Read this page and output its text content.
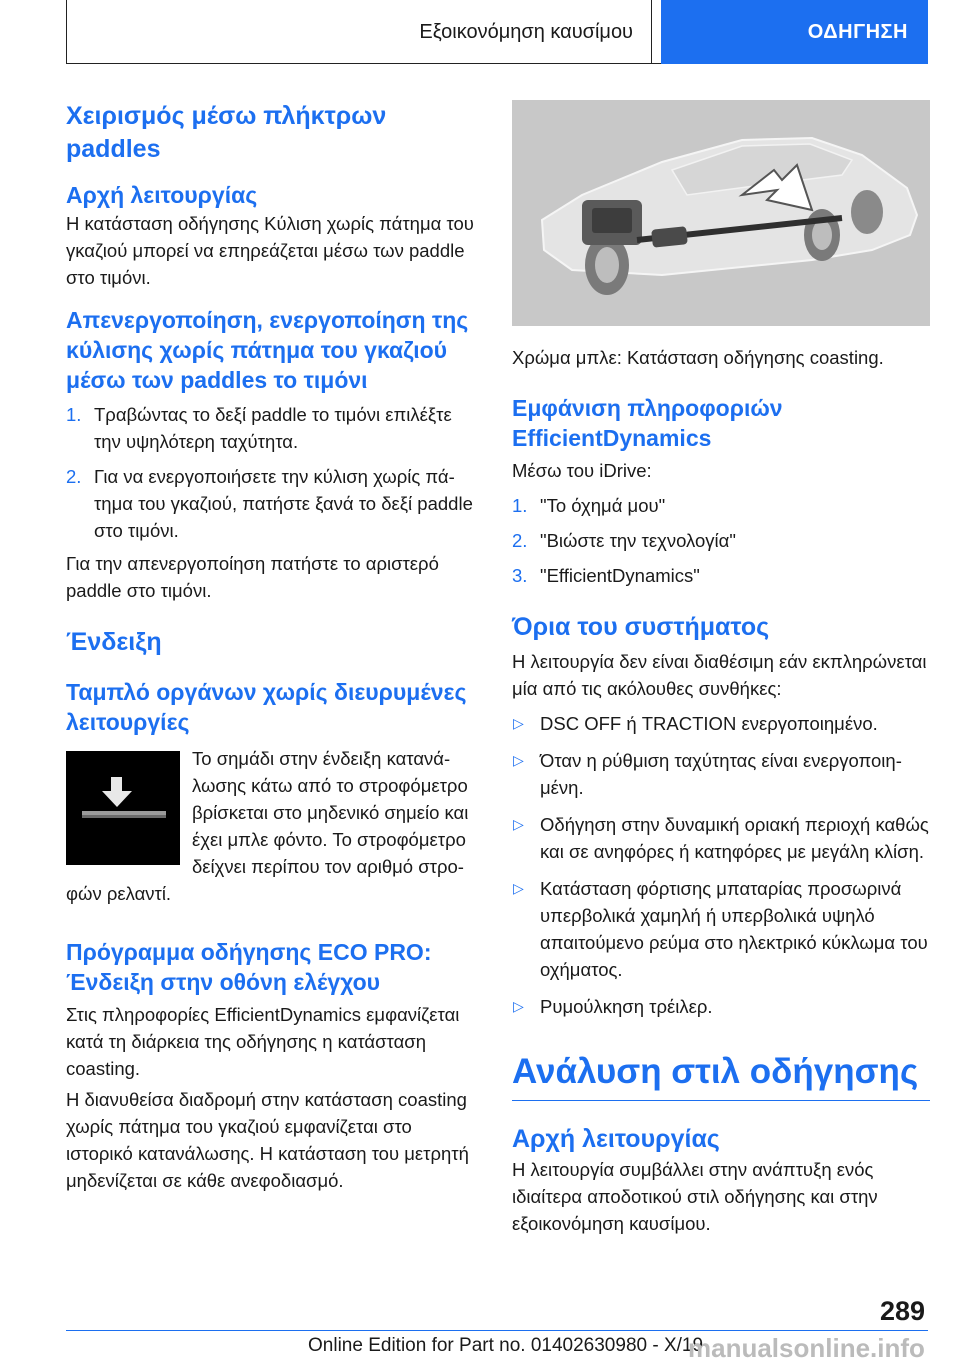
Εξοικονόμηση καυσίμου	ΟΔΗΓΗΣΗ
Χειρισμός μέσω πλήκτρων paddles
Αρχή λειτουργίας

Η κατάσταση οδήγησης Κύλιση χωρίς πάτημα του γκαζιού μπορεί να επηρεάζεται μέσω των paddle στο τιμόνι.

Απενεργοποίηση, ενεργοποίηση της κύλισης χωρίς πάτημα του γκαζιού μέσω των paddles το τιμόνι
1. Τραβώντας το δεξί paddle το τιμόνι επιλέξτε την υψηλότερη ταχύτητα.
2. Για να ενεργοποιήσετε την κύλιση χωρίς πάτημα του γκαζιού, πατήστε ξανά το δεξί paddle στο τιμόνι.

Για την απενεργοποίηση πατήστε το αριστερό paddle στο τιμόνι.

Ένδειξη
Ταμπλό οργάνων χωρίς διευρυμένες λειτουργίες

Το σημάδι στην ένδειξη κατανάλωσης κάτω από το στροφόμετρο βρίσκεται στο μηδενικό σημείο και έχει μπλε φόντο. Το στροφόμετρο δείχνει περίπου τον αριθμό στροφών ρελαντί.

Πρόγραμμα οδήγησης ECO PRO: Ένδειξη στην οθόνη ελέγχου

Στις πληροφορίες EfficientDynamics εμφανίζεται κατά τη διάρκεια της οδήγησης η κατάσταση coasting.

Η διανυθείσα διαδρομή στην κατάσταση coasting χωρίς πάτημα του γκαζιού εμφανίζεται στο ιστορικό κατανάλωσης. Η κατάσταση του μετρητή μηδενίζεται σε κάθε ανεφοδιασμό.

Χρώμα μπλε: Κατάσταση οδήγησης coasting.

Εμφάνιση πληροφοριών EfficientDynamics

Μέσω του iDrive:

1. "Το όχημά μου"
2. "Βιώστε την τεχνολογία"
3. "EfficientDynamics"
Όρια του συστήματος

Η λειτουργία δεν είναι διαθέσιμη εάν εκπληρώνεται μία από τις ακόλουθες συνθήκες:

▷ DSC OFF ή TRACTION ενεργοποιημένο.
▷ Όταν η ρύθμιση ταχύτητας είναι ενεργοποιημένη.
▷ Οδήγηση στην δυναμική οριακή περιοχή καθώς και σε ανηφόρες ή κατηφόρες με μεγάλη κλίση.
▷ Κατάσταση φόρτισης μπαταρίας προσωρινά υπερβολικά χαμηλή ή υπερβολικά υψηλό απαιτούμενο ρεύμα στο ηλεκτρικό κύκλωμα του οχήματος.
▷ Ρυμούλκηση τρέιλερ.
Ανάλυση στιλ οδήγησης
Αρχή λειτουργίας

Η λειτουργία συμβάλλει στην ανάπτυξη ενός ιδιαίτερα αποδοτικού στιλ οδήγησης και στην εξοικονόμηση καυσίμου.

289
Online Edition for Part no. 01402630980 - X/19
manualsonline.info
